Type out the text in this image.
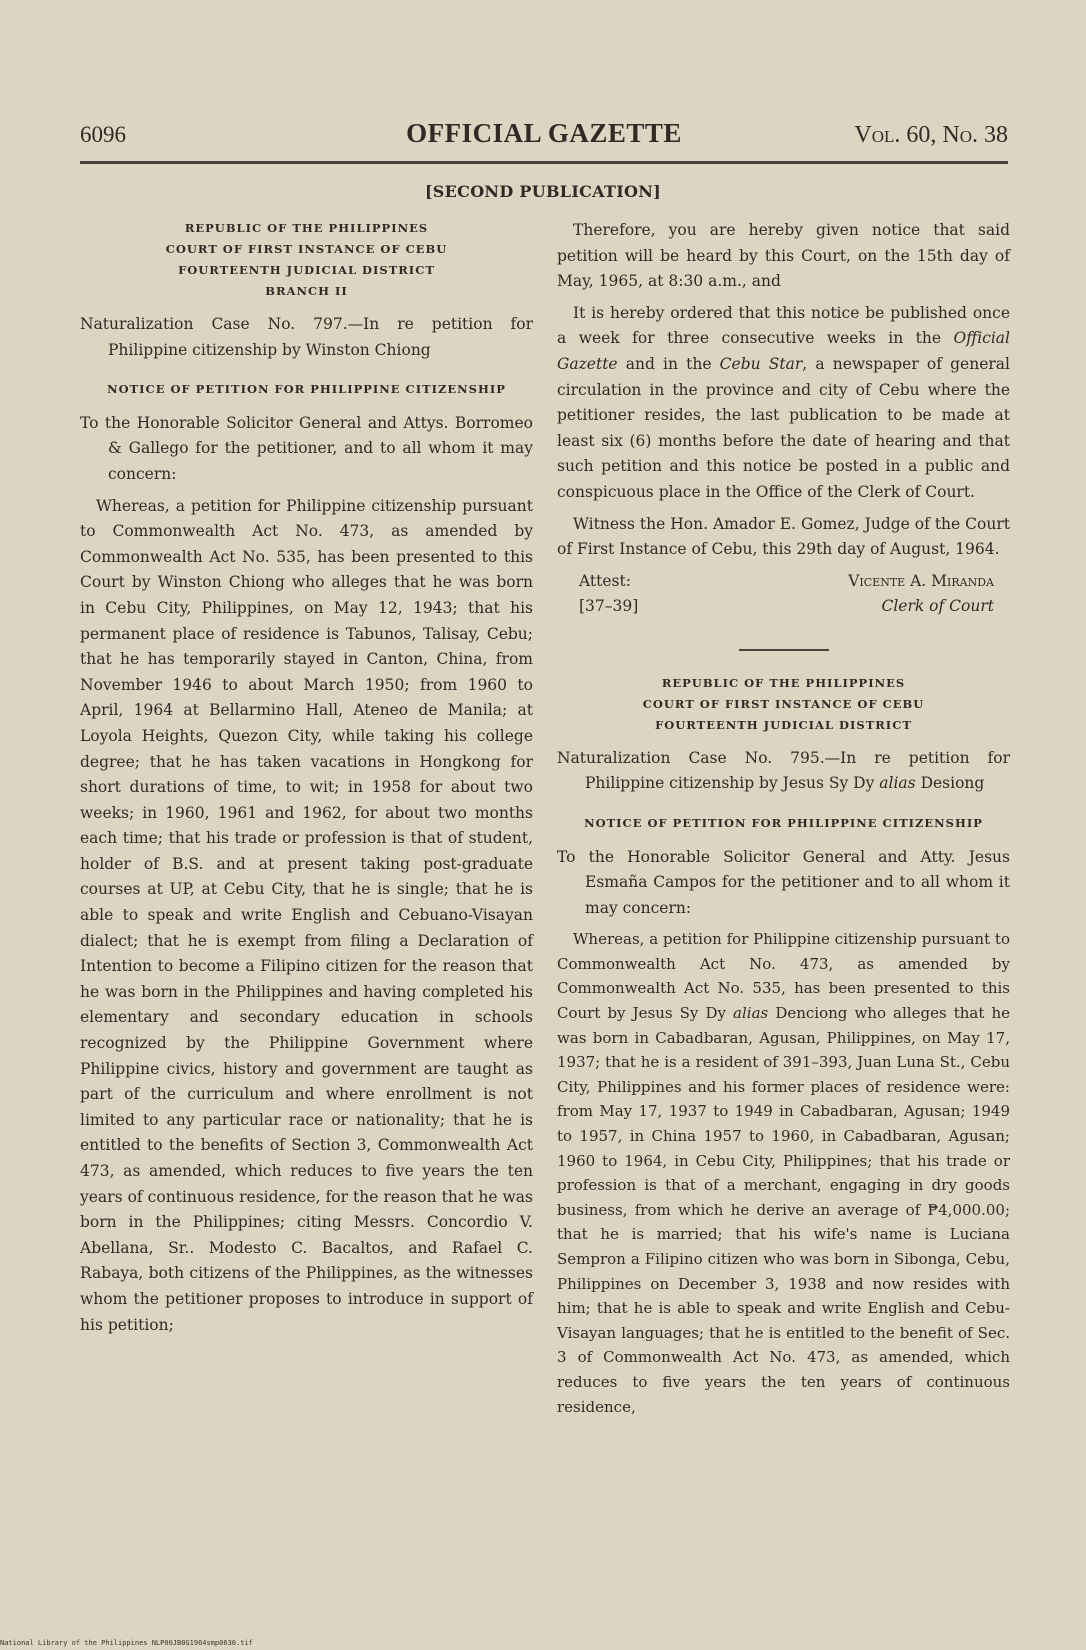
6096	OFFICIAL GAZETTE	Vol. 60, No. 38
[SECOND PUBLICATION]
REPUBLIC OF THE PHILIPPINES
COURT OF FIRST INSTANCE OF CEBU
FOURTEENTH JUDICIAL DISTRICT
BRANCH II

Naturalization Case No. 797.—In re petition for Philippine citizenship by Winston Chiong

NOTICE OF PETITION FOR PHILIPPINE CITIZENSHIP

To the Honorable Solicitor General and Attys. Borromeo & Gallego for the petitioner, and to all whom it may concern:

Whereas, a petition for Philippine citizenship pursuant to Commonwealth Act No. 473, as amended by Commonwealth Act No. 535, has been presented to this Court by Winston Chiong who alleges that he was born in Cebu City, Philippines, on May 12, 1943; that his permanent place of residence is Tabunos, Talisay, Cebu; that he has temporarily stayed in Canton, China, from November 1946 to about March 1950; from 1960 to April, 1964 at Bellarmino Hall, Ateneo de Manila; at Loyola Heights, Quezon City, while taking his college degree; that he has taken vacations in Hongkong for short durations of time, to wit; in 1958 for about two weeks; in 1960, 1961 and 1962, for about two months each time; that his trade or profession is that of student, holder of B.S. and at present taking post-graduate courses at UP, at Cebu City, that he is single; that he is able to speak and write English and Cebuano-Visayan dialect; that he is exempt from filing a Declaration of Intention to become a Filipino citizen for the reason that he was born in the Philippines and having completed his elementary and secondary education in schools recognized by the Philippine Government where Philippine civics, history and government are taught as part of the curriculum and where enrollment is not limited to any particular race or nationality; that he is entitled to the benefits of Section 3, Commonwealth Act 473, as amended, which reduces to five years the ten years of continuous residence, for the reason that he was born in the Philippines; citing Messrs. Concordio V. Abellana, Sr.. Modesto C. Bacaltos, and Rafael C. Rabaya, both citizens of the Philippines, as the witnesses whom the petitioner proposes to introduce in support of his petition;

Therefore, you are hereby given notice that said petition will be heard by this Court, on the 15th day of May, 1965, at 8:30 a.m., and

It is hereby ordered that this notice be published once a week for three consecutive weeks in the Official Gazette and in the Cebu Star, a newspaper of general circulation in the province and city of Cebu where the petitioner resides, the last publication to be made at least six (6) months before the date of hearing and that such petition and this notice be posted in a public and conspicuous place in the Office of the Clerk of Court.

Witness the Hon. Amador E. Gomez, Judge of the Court of First Instance of Cebu, this 29th day of August, 1964.

Attest:
[37–39]
Vicente A. Miranda
Clerk of Court
REPUBLIC OF THE PHILIPPINES
COURT OF FIRST INSTANCE OF CEBU
FOURTEENTH JUDICIAL DISTRICT

Naturalization Case No. 795.—In re petition for Philippine citizenship by Jesus Sy Dy alias Desiong

NOTICE OF PETITION FOR PHILIPPINE CITIZENSHIP

To the Honorable Solicitor General and Atty. Jesus Esmaña Campos for the petitioner and to all whom it may concern:

Whereas, a petition for Philippine citizenship pursuant to Commonwealth Act No. 473, as amended by Commonwealth Act No. 535, has been presented to this Court by Jesus Sy Dy alias Denciong who alleges that he was born in Cabadbaran, Agusan, Philippines, on May 17, 1937; that he is a resident of 391–393, Juan Luna St., Cebu City, Philippines and his former places of residence were: from May 17, 1937 to 1949 in Cabadbaran, Agusan; 1949 to 1957, in China 1957 to 1960, in Cabadbaran, Agusan; 1960 to 1964, in Cebu City, Philippines; that his trade or profession is that of a merchant, engaging in dry goods business, from which he derive an average of ₱4,000.00; that he is married; that his wife's name is Luciana Sempron a Filipino citizen who was born in Sibonga, Cebu, Philippines on December 3, 1938 and now resides with him; that he is able to speak and write English and Cebu-Visayan languages; that he is entitled to the benefit of Sec. 3 of Commonwealth Act No. 473, as amended, which reduces to five years the ten years of continuous residence,

National Library of the Philippines NLP00JB0G1964smp0630.tif
